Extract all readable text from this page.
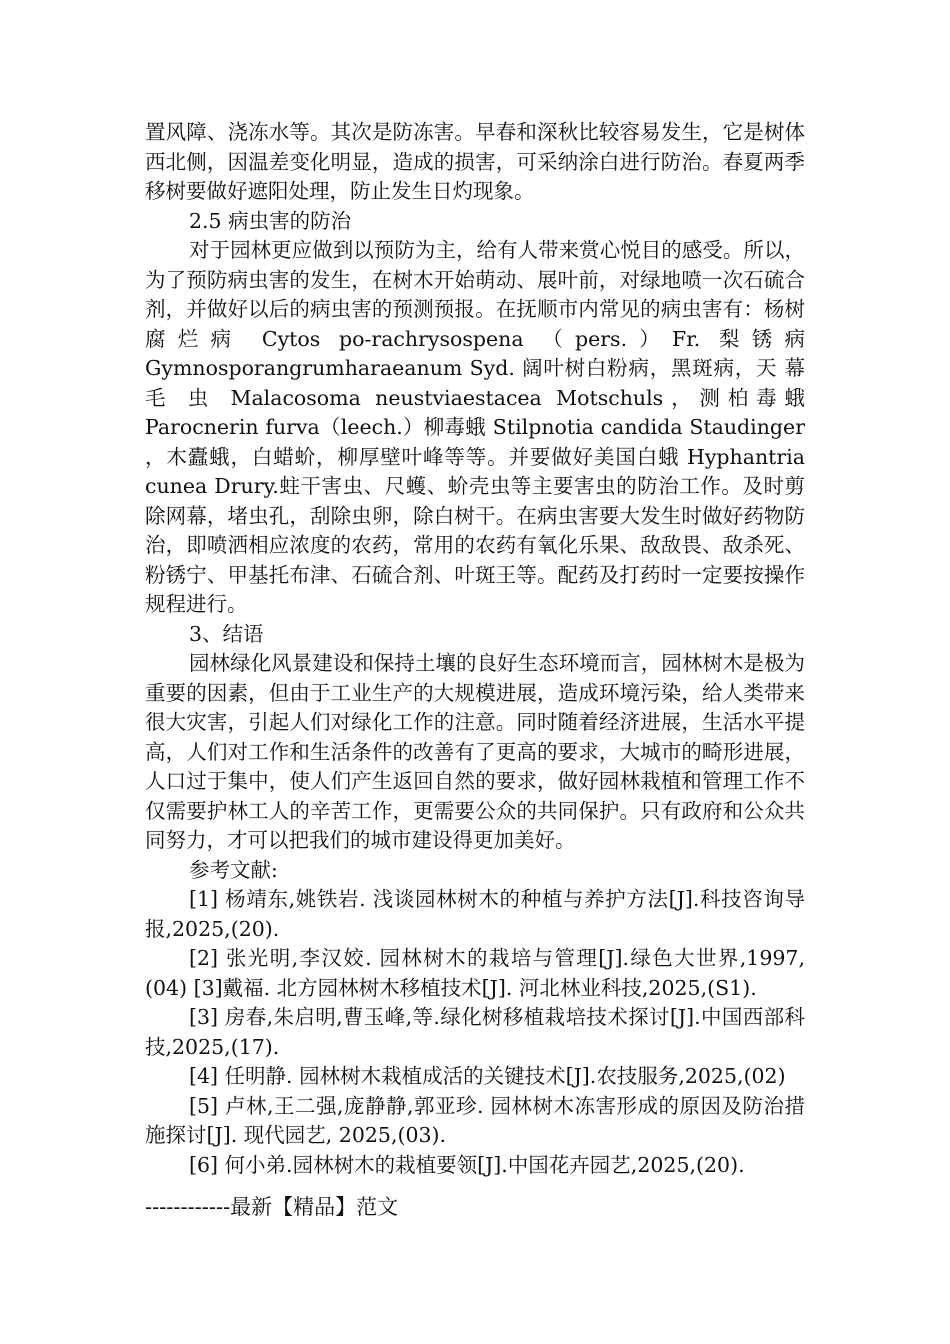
置风障、浇冻水等。其次是防冻害。早春和深秋比较容易发生，它是树体西北侧，因温差变化明显，造成的损害，可采纳涂白进行防治。春夏两季移树要做好遮阳处理，防止发生日灼现象。

2.5 病虫害的防治

对于园林更应做到以预防为主，给有人带来赏心悦目的感受。所以，为了预防病虫害的发生，在树木开始萌动、展叶前，对绿地喷一次石硫合剂，并做好以后的病虫害的预测预报。在抚顺市内常见的病虫害有：杨树腐烂病 Cytos po-rachrysospena （pers.）Fr. 梨锈病 Gymnosporangrumharaeanum Syd. 阔叶树白粉病，黑斑病，天 幕 毛 虫 Malacosoma neustviaestacea Motschuls，测柏毒蛾 Parocnerin furva（leech.）柳毒蛾 Stilpnotia candida Staudinger ，木蠹蛾，白蜡蚧，柳厚壁叶峰等等。并要做好美国白蛾 Hyphantria cunea Drury.蛀干害虫、尺蠖、蚧壳虫等主要害虫的防治工作。及时剪除网幕，堵虫孔，刮除虫卵，除白树干。在病虫害要大发生时做好药物防治，即喷洒相应浓度的农药，常用的农药有氧化乐果、敌敌畏、敌杀死、粉锈宁、甲基托布津、石硫合剂、叶斑王等。配药及打药时一定要按操作规程进行。

3、结语

园林绿化风景建设和保持土壤的良好生态环境而言，园林树木是极为重要的因素，但由于工业生产的大规模进展，造成环境污染，给人类带来很大灾害，引起人们对绿化工作的注意。同时随着经济进展，生活水平提高，人们对工作和生活条件的改善有了更高的要求，大城市的畸形进展，人口过于集中，使人们产生返回自然的要求，做好园林栽植和管理工作不仅需要护林工人的辛苦工作，更需要公众的共同保护。只有政府和公众共同努力，才可以把我们的城市建设得更加美好。

参考文献:

[1] 杨靖东,姚铁岩. 浅谈园林树木的种植与养护方法[J].科技咨询导报,2025,(20).

[2] 张光明,李汉姣. 园林树木的栽培与管理[J].绿色大世界,1997,(04) [3]戴福. 北方园林树木移植技术[J]. 河北林业科技,2025,(S1).

[3] 房春,朱启明,曹玉峰,等.绿化树移植栽培技术探讨[J].中国西部科技,2025,(17).

[4] 任明静. 园林树木栽植成活的关键技术[J].农技服务,2025,(02)

[5] 卢林,王二强,庞静静,郭亚珍. 园林树木冻害形成的原因及防治措施探讨[J]. 现代园艺, 2025,(03).

[6] 何小弟.园林树木的栽植要领[J].中国花卉园艺,2025,(20).

------------最新【精品】范文
